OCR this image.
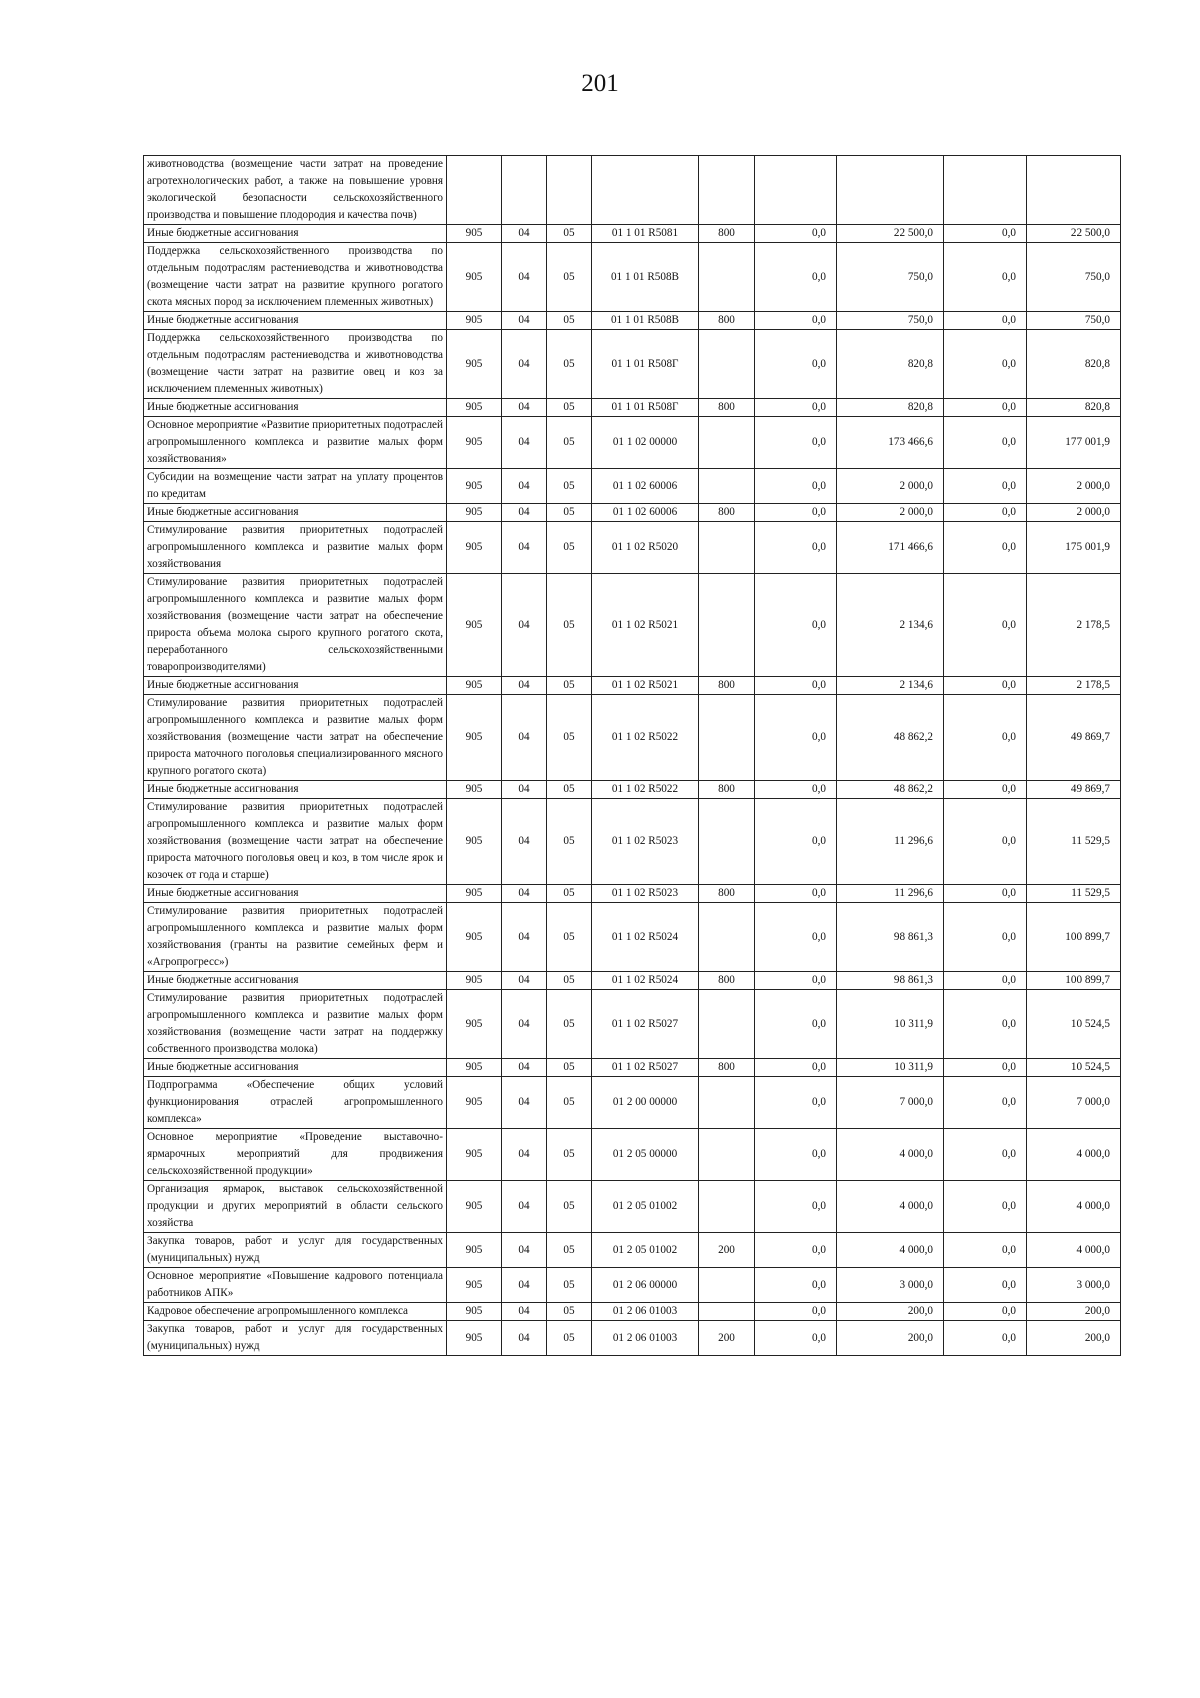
201
животноводства (возмещение части затрат на проведение агротехнологических работ, а также на повышение уровня экологической безопасности сельскохозяйственного производства и повышение плодородия и качества почв)									
Иные бюджетные ассигнования	905	04	05	01 1 01 R5081	800	0,0	22 500,0	0,0	22 500,0
Поддержка сельскохозяйственного производства по отдельным подотраслям растениеводства и животноводства (возмещение части затрат на развитие крупного рогатого скота мясных пород за исключением племенных животных)	905	04	05	01 1 01 R508В		0,0	750,0	0,0	750,0
Иные бюджетные ассигнования	905	04	05	01 1 01 R508В	800	0,0	750,0	0,0	750,0
Поддержка сельскохозяйственного производства по отдельным подотраслям растениеводства и животноводства (возмещение части затрат на развитие овец и коз за исключением племенных животных)	905	04	05	01 1 01 R508Г		0,0	820,8	0,0	820,8
Иные бюджетные ассигнования	905	04	05	01 1 01 R508Г	800	0,0	820,8	0,0	820,8
Основное мероприятие «Развитие приоритетных подотраслей агропромышленного комплекса и развитие малых форм хозяйствования»	905	04	05	01 1 02 00000		0,0	173 466,6	0,0	177 001,9
Субсидии на возмещение части затрат на уплату процентов по кредитам	905	04	05	01 1 02 60006		0,0	2 000,0	0,0	2 000,0
Иные бюджетные ассигнования	905	04	05	01 1 02 60006	800	0,0	2 000,0	0,0	2 000,0
Стимулирование развития приоритетных подотраслей агропромышленного комплекса и развитие малых форм хозяйствования	905	04	05	01 1 02 R5020		0,0	171 466,6	0,0	175 001,9
Стимулирование развития приоритетных подотраслей агропромышленного комплекса и развитие малых форм хозяйствования (возмещение части затрат на обеспечение прироста объема молока сырого крупного рогатого скота, переработанного сельскохозяйственными товаропроизводителями)	905	04	05	01 1 02 R5021		0,0	2 134,6	0,0	2 178,5
Иные бюджетные ассигнования	905	04	05	01 1 02 R5021	800	0,0	2 134,6	0,0	2 178,5
Стимулирование развития приоритетных подотраслей агропромышленного комплекса и развитие малых форм хозяйствования (возмещение части затрат на обеспечение прироста маточного поголовья специализированного мясного крупного рогатого скота)	905	04	05	01 1 02 R5022		0,0	48 862,2	0,0	49 869,7
Иные бюджетные ассигнования	905	04	05	01 1 02 R5022	800	0,0	48 862,2	0,0	49 869,7
Стимулирование развития приоритетных подотраслей агропромышленного комплекса и развитие малых форм хозяйствования (возмещение части затрат на обеспечение прироста маточного поголовья овец и коз, в том числе ярок и козочек от года и старше)	905	04	05	01 1 02 R5023		0,0	11 296,6	0,0	11 529,5
Иные бюджетные ассигнования	905	04	05	01 1 02 R5023	800	0,0	11 296,6	0,0	11 529,5
Стимулирование развития приоритетных подотраслей агропромышленного комплекса и развитие малых форм хозяйствования (гранты на развитие семейных ферм и «Агропрогресс»)	905	04	05	01 1 02 R5024		0,0	98 861,3	0,0	100 899,7
Иные бюджетные ассигнования	905	04	05	01 1 02 R5024	800	0,0	98 861,3	0,0	100 899,7
Стимулирование развития приоритетных подотраслей агропромышленного комплекса и развитие малых форм хозяйствования (возмещение части затрат на поддержку собственного производства молока)	905	04	05	01 1 02 R5027		0,0	10 311,9	0,0	10 524,5
Иные бюджетные ассигнования	905	04	05	01 1 02 R5027	800	0,0	10 311,9	0,0	10 524,5
Подпрограмма «Обеспечение общих условий функционирования отраслей агропромышленного комплекса»	905	04	05	01 2 00 00000		0,0	7 000,0	0,0	7 000,0
Основное мероприятие «Проведение выставочно-ярмарочных мероприятий для продвижения сельскохозяйственной продукции»	905	04	05	01 2 05 00000		0,0	4 000,0	0,0	4 000,0
Организация ярмарок, выставок сельскохозяйственной продукции и других мероприятий в области сельского хозяйства	905	04	05	01 2 05 01002		0,0	4 000,0	0,0	4 000,0
Закупка товаров, работ и услуг для государственных (муниципальных) нужд	905	04	05	01 2 05 01002	200	0,0	4 000,0	0,0	4 000,0
Основное мероприятие «Повышение кадрового потенциала работников АПК»	905	04	05	01 2 06 00000		0,0	3 000,0	0,0	3 000,0
Кадровое обеспечение агропромышленного комплекса	905	04	05	01 2 06 01003		0,0	200,0	0,0	200,0
Закупка товаров, работ и услуг для государственных (муниципальных) нужд	905	04	05	01 2 06 01003	200	0,0	200,0	0,0	200,0
